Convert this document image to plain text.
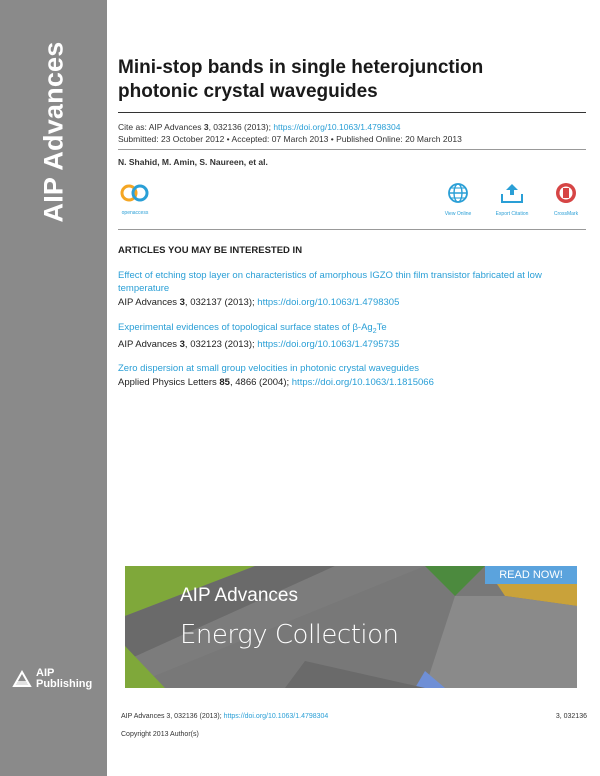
AIP Advances
AIP
Publishing
Mini-stop bands in single heterojunction photonic crystal waveguides
Cite as: AIP Advances 3, 032136 (2013); https://doi.org/10.1063/1.4798304
Submitted: 23 October 2012 • Accepted: 07 March 2013 • Published Online: 20 March 2013
N. Shahid, M. Amin, S. Naureen, et al.
openaccess	View Online	Export Citation	CrossMark
ARTICLES YOU MAY BE INTERESTED IN
Effect of etching stop layer on characteristics of amorphous IGZO thin film transistor fabricated at low temperature
AIP Advances 3, 032137 (2013); https://doi.org/10.1063/1.4798305
Experimental evidences of topological surface states of $\beta-Ag_2Te$
AIP Advances 3, 032123 (2013); https://doi.org/10.1063/1.4795735
Zero dispersion at small group velocities in photonic crystal waveguides
Applied Physics Letters 85, 4866 (2004); https://doi.org/10.1063/1.1815066
AIP Advances
Energy Collection
READ NOW!
AIP Advances 3, 032136 (2013); https://doi.org/10.1063/1.4798304	3, 032136
Copyright 2013 Author(s)
